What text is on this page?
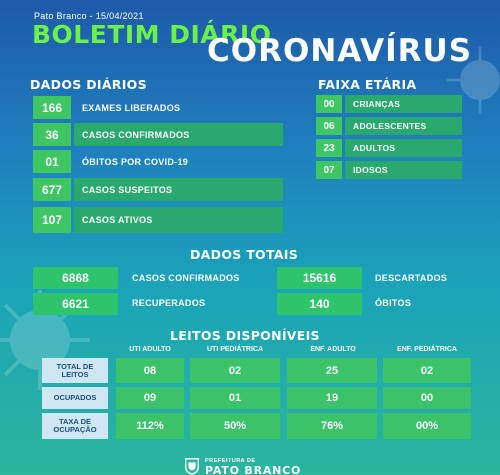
Pato Branco - 15/04/2021
BOLETIM DIÁRIO
CORONAVÍRUS
DADOS DIÁRIOS
166	EXAMES LIBERADOS
36	CASOS CONFIRMADOS
01	ÓBITOS POR COVID-19
677	CASOS SUSPEITOS
107	CASOS ATIVOS
FAIXA ETÁRIA
00	CRIANÇAS
06	ADOLESCENTES
23	ADULTOS
07	IDOSOS
DADOS TOTAIS
6868	CASOS CONFIRMADOS	15616	DESCARTADOS
6621	RECUPERADOS	140	ÓBITOS
LEITOS DISPONÍVEIS
UTI ADULTO	UTI PEDIÁTRICA	ENF. ADULTO	ENF. PEDIÁTRICA
TOTAL DE
LEITOS	08	02	25	02
OCUPADOS	09	01	19	00
TAXA DE
OCUPAÇÃO	112%	50%	76%	00%
PREFEITURA DE
PATO BRANCO
